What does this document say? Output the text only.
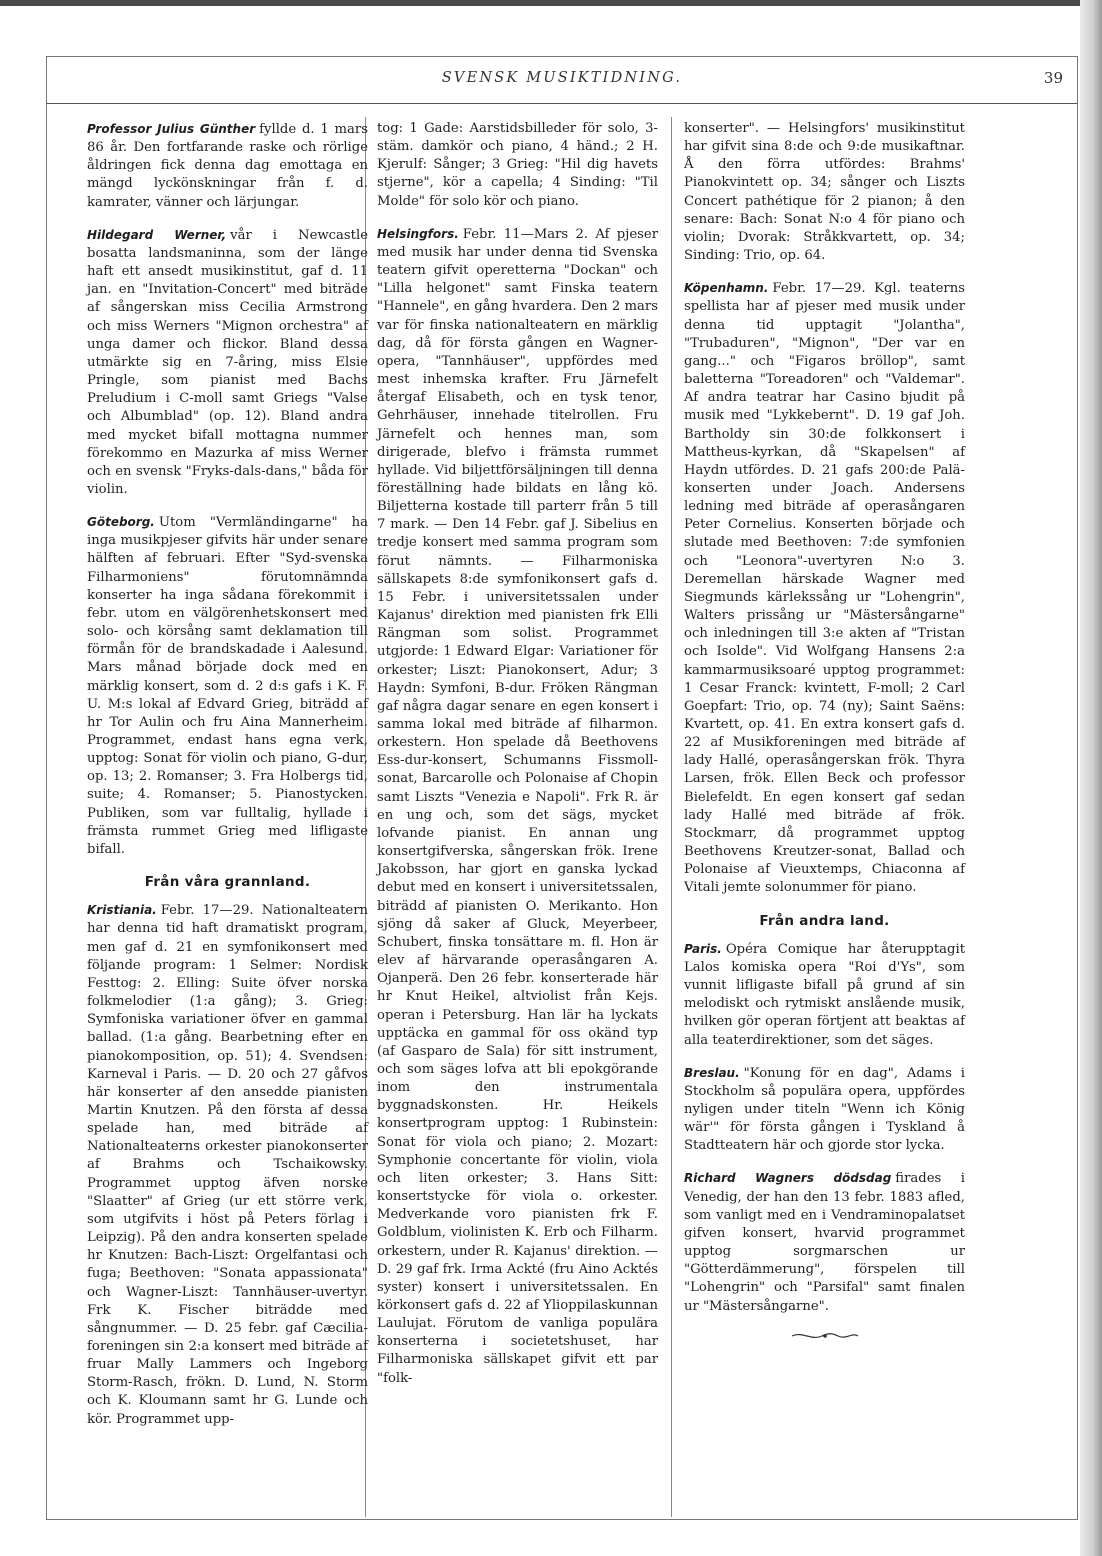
SVENSK MUSIKTIDNING.	39

Professor Julius Günther fyllde d. 1 mars 86 år. Den fortfarande raske och rörlige åldringen fick denna dag emottaga en mängd lyckönskningar från f. d. kamrater, vänner och lärjungar.

Hildegard Werner, vår i Newcastle bosatta landsmaninna, som der länge haft ett ansedt musikinstitut, gaf d. 11 jan. en "Invitation-Concert" med biträde af sångerskan miss Cecilia Armstrong och miss Werners "Mignon orchestra" af unga damer och flickor. Bland dessa utmärkte sig en 7-åring, miss Elsie Pringle, som pianist med Bachs Preludium i C-moll samt Griegs "Valse och Albumblad" (op. 12). Bland andra med mycket bifall mottagna nummer förekommo en Mazurka af miss Werner och en svensk "Fryks-dals-dans," båda för violin.

Göteborg. Utom "Vermländingarne" ha inga musikpjeser gifvits här under senare hälften af februari. Efter "Syd-svenska Filharmoniens" förutomnämnda konserter ha inga sådana förekommit i febr. utom en välgörenhetskonsert med solo- och körsång samt deklamation till förmån för de brandskadade i Aalesund. Mars månad började dock med en märklig konsert, som d. 2 d:s gafs i K. F. U. M:s lokal af Edvard Grieg, biträdd af hr Tor Aulin och fru Aina Mannerheim. Programmet, endast hans egna verk, upptog: Sonat för violin och piano, G-dur, op. 13; 2. Romanser; 3. Fra Holbergs tid, suite; 4. Romanser; 5. Pianostycken. Publiken, som var fulltalig, hyllade i främsta rummet Grieg med lifligaste bifall.

Från våra grannland.

Kristiania. Febr. 17—29. Nationalteatern har denna tid haft dramatiskt program, men gaf d. 21 en symfonikonsert med följande program: 1 Selmer: Nordisk Festtog: 2. Elling: Suite öfver norska folkmelodier (1:a gång); 3. Grieg: Symfoniska variationer öfver en gammal ballad. (1:a gång. Bearbetning efter en pianokomposition, op. 51); 4. Svendsen: Karneval i Paris. — D. 20 och 27 gåfvos här konserter af den ansedde pianisten Martin Knutzen. På den första af dessa spelade han, med biträde af Nationalteaterns orkester pianokonserter af Brahms och Tschaikowsky. Programmet upptog äfven norske "Slaatter" af Grieg (ur ett större verk, som utgifvits i höst på Peters förlag i Leipzig). På den andra konserten spelade hr Knutzen: Bach-Liszt: Orgelfantasi och fuga; Beethoven: "Sonata appassionata" och Wagner-Liszt: Tannhäuser-uvertyr. Frk K. Fischer biträdde med sångnummer. — D. 25 febr. gaf Cæcilia-foreningen sin 2:a konsert med biträde af fruar Mally Lammers och Ingeborg Storm-Rasch, frökn. D. Lund, N. Storm och K. Kloumann samt hr G. Lunde och kör. Programmet upp-

tog: 1 Gade: Aarstidsbilleder för solo, 3-stäm. damkör och piano, 4 händ.; 2 H. Kjerulf: Sånger; 3 Grieg: "Hil dig havets stjerne", kör a capella; 4 Sinding: "Til Molde" för solo kör och piano.

Helsingfors. Febr. 11—Mars 2. Af pjeser med musik har under denna tid Svenska teatern gifvit operetterna "Dockan" och "Lilla helgonet" samt Finska teatern "Hannele", en gång hvardera. Den 2 mars var för finska nationalteatern en märklig dag, då för första gången en Wagner-opera, "Tannhäuser", uppfördes med mest inhemska krafter. Fru Järnefelt återgaf Elisabeth, och en tysk tenor, Gehrhäuser, innehade titelrollen. Fru Järnefelt och hennes man, som dirigerade, blefvo i främsta rummet hyllade. Vid biljettförsäljningen till denna föreställning hade bildats en lång kö. Biljetterna kostade till parterr från 5 till 7 mark. — Den 14 Febr. gaf J. Sibelius en tredje konsert med samma program som förut nämnts. — Filharmoniska sällskapets 8:de symfonikonsert gafs d. 15 Febr. i universitetssalen under Kajanus' direktion med pianisten frk Elli Rängman som solist. Programmet utgjorde: 1 Edward Elgar: Variationer för orkester; Liszt: Pianokonsert, Adur; 3 Haydn: Symfoni, B-dur. Fröken Rängman gaf några dagar senare en egen konsert i samma lokal med biträde af filharmon. orkestern. Hon spelade då Beethovens Ess-dur-konsert, Schumanns Fissmoll-sonat, Barcarolle och Polonaise af Chopin samt Liszts "Venezia e Napoli". Frk R. är en ung och, som det sägs, mycket lofvande pianist. En annan ung konsertgifverska, sångerskan frök. Irene Jakobsson, har gjort en ganska lyckad debut med en konsert i universitetssalen, biträdd af pianisten O. Merikanto. Hon sjöng då saker af Gluck, Meyerbeer, Schubert, finska tonsättare m. fl. Hon är elev af härvarande operasångaren A. Ojanperä. Den 26 febr. konserterade här hr Knut Heikel, altviolist från Kejs. operan i Petersburg. Han lär ha lyckats upptäcka en gammal för oss okänd typ (af Gasparo de Sala) för sitt instrument, och som säges lofva att bli epokgörande inom den instrumentala byggnadskonsten. Hr. Heikels konsertprogram upptog: 1 Rubinstein: Sonat för viola och piano; 2. Mozart: Symphonie concertante för violin, viola och liten orkester; 3. Hans Sitt: konsertstycke för viola o. orkester. Medverkande voro pianisten frk F. Goldblum, violinisten K. Erb och Filharm. orkestern, under R. Kajanus' direktion. — D. 29 gaf frk. Irma Ackté (fru Aino Acktés syster) konsert i universitetssalen. En körkonsert gafs d. 22 af Ylioppilaskunnan Laulujat. Förutom de vanliga populära konserterna i societetshuset, har Filharmoniska sällskapet gifvit ett par "folk-

konserter". — Helsingfors' musikinstitut har gifvit sina 8:de och 9:de musikaftnar. Å den förra utfördes: Brahms' Pianokvintett op. 34; sånger och Liszts Concert pathétique för 2 pianon; å den senare: Bach: Sonat N:o 4 för piano och violin; Dvorak: Stråkkvartett, op. 34; Sinding: Trio, op. 64.

Köpenhamn. Febr. 17—29. Kgl. teaterns spellista har af pjeser med musik under denna tid upptagit "Jolantha", "Trubaduren", "Mignon", "Der var en gang..." och "Figaros bröllop", samt baletterna "Toreadoren" och "Valdemar". Af andra teatrar har Casino bjudit på musik med "Lykkebernt". D. 19 gaf Joh. Bartholdy sin 30:de folkkonsert i Mattheus-kyrkan, då "Skapelsen" af Haydn utfördes. D. 21 gafs 200:de Palä-konserten under Joach. Andersens ledning med biträde af operasångaren Peter Cornelius. Konserten började och slutade med Beethoven: 7:de symfonien och "Leonora"-uvertyren N:o 3. Deremellan härskade Wagner med Siegmunds kärlekssång ur "Lohengrin", Walters prissång ur "Mästersångarne" och inledningen till 3:e akten af "Tristan och Isolde". Vid Wolfgang Hansens 2:a kammarmusiksoaré upptog programmet: 1 Cesar Franck: kvintett, F-moll; 2 Carl Goepfart: Trio, op. 74 (ny); Saint Saëns: Kvartett, op. 41. En extra konsert gafs d. 22 af Musikforeningen med biträde af lady Hallé, operasångerskan frök. Thyra Larsen, frök. Ellen Beck och professor Bielefeldt. En egen konsert gaf sedan lady Hallé med biträde af frök. Stockmarr, då programmet upptog Beethovens Kreutzer-sonat, Ballad och Polonaise af Vieuxtemps, Chiaconna af Vitali jemte solonummer för piano.

Från andra land.

Paris. Opéra Comique har återupptagit Lalos komiska opera "Roi d'Ys", som vunnit lifligaste bifall på grund af sin melodiskt och rytmiskt anslående musik, hvilken gör operan förtjent att beaktas af alla teaterdirektioner, som det säges.

Breslau. "Konung för en dag", Adams i Stockholm så populära opera, uppfördes nyligen under titeln "Wenn ich König wär'" för första gången i Tyskland å Stadtteatern här och gjorde stor lycka.

Richard Wagners dödsdag firades i Venedig, der han den 13 febr. 1883 afled, som vanligt med en i Vendraminopalatset gifven konsert, hvarvid programmet upptog sorgmarschen ur "Götterdämmerung", förspelen till "Lohengrin" och "Parsifal" samt finalen ur "Mästersångarne".
